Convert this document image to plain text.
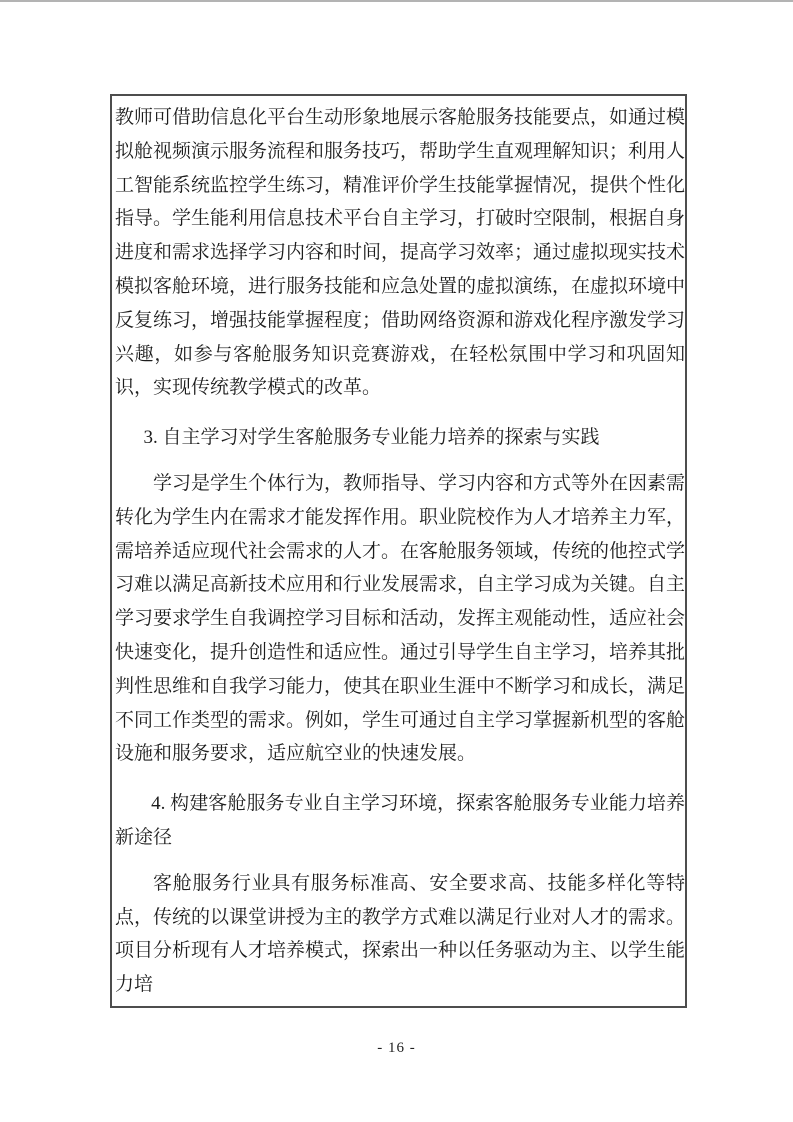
教师可借助信息化平台生动形象地展示客舱服务技能要点，如通过模拟舱视频演示服务流程和服务技巧，帮助学生直观理解知识；利用人工智能系统监控学生练习，精准评价学生技能掌握情况，提供个性化指导。学生能利用信息技术平台自主学习，打破时空限制，根据自身进度和需求选择学习内容和时间，提高学习效率；通过虚拟现实技术模拟客舱环境，进行服务技能和应急处置的虚拟演练，在虚拟环境中反复练习，增强技能掌握程度；借助网络资源和游戏化程序激发学习兴趣，如参与客舱服务知识竞赛游戏，在轻松氛围中学习和巩固知识，实现传统教学模式的改革。

3. 自主学习对学生客舱服务专业能力培养的探索与实践

学习是学生个体行为，教师指导、学习内容和方式等外在因素需转化为学生内在需求才能发挥作用。职业院校作为人才培养主力军，需培养适应现代社会需求的人才。在客舱服务领域，传统的他控式学习难以满足高新技术应用和行业发展需求，自主学习成为关键。自主学习要求学生自我调控学习目标和活动，发挥主观能动性，适应社会快速变化，提升创造性和适应性。通过引导学生自主学习，培养其批判性思维和自我学习能力，使其在职业生涯中不断学习和成长，满足不同工作类型的需求。例如，学生可通过自主学习掌握新机型的客舱设施和服务要求，适应航空业的快速发展。

4. 构建客舱服务专业自主学习环境，探索客舱服务专业能力培养新途径

客舱服务行业具有服务标准高、安全要求高、技能多样化等特点，传统的以课堂讲授为主的教学方式难以满足行业对人才的需求。项目分析现有人才培养模式，探索出一种以任务驱动为主、以学生能力培

- 16 -
